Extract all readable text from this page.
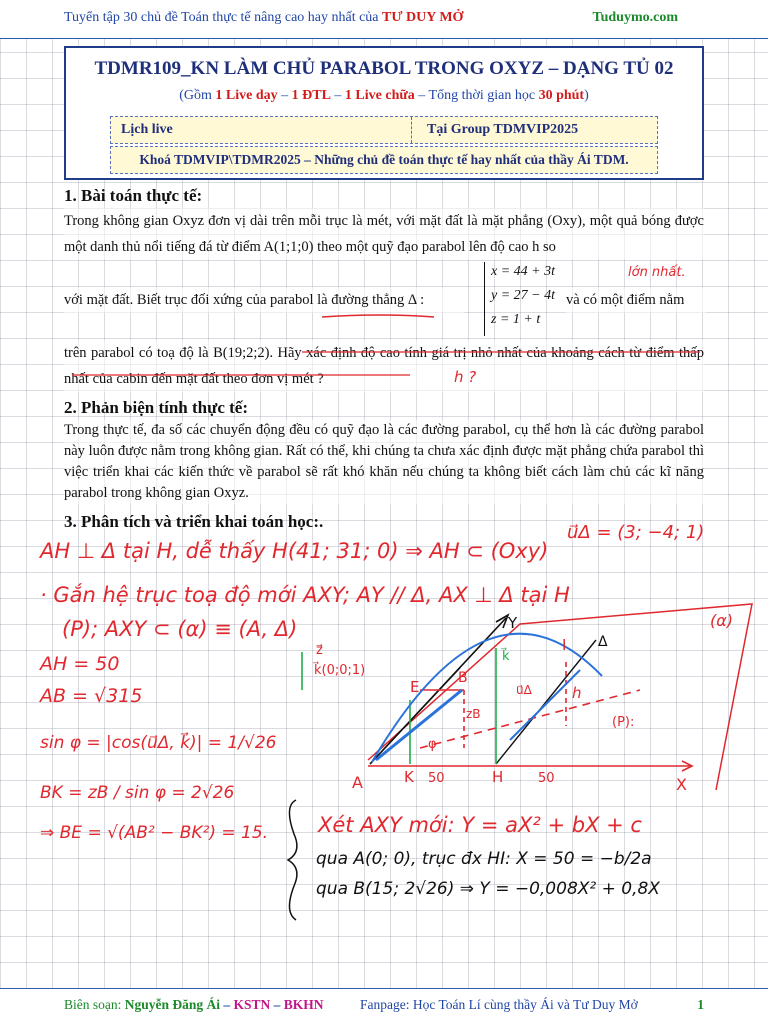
Tuyển tập 30 chủ đề Toán thực tế nâng cao hay nhất của TƯ DUY MỞ	Tuduymo.com
TDMR109_KN LÀM CHỦ PARABOL TRONG OXYZ – DẠNG TỦ 02
(Gồm 1 Live dạy – 1 ĐTL – 1 Live chữa – Tổng thời gian học 30 phút)
Lịch live	Tại Group TDMVIP2025
Khoá TDMVIP\TDMR2025 – Những chủ đề toán thực tế hay nhất của thầy Ái TDM.
1. Bài toán thực tế:
Trong không gian Oxyz đơn vị dài trên mỗi trục là mét, với mặt đất là mặt phẳng (Oxy), một quả bóng được một danh thủ nổi tiếng đá từ điểm A(1;1;0) theo một quỹ đạo parabol lên độ cao h so
với mặt đất. Biết trục đối xứng của parabol là đường thẳng Δ :	và có một điểm nằm
x = 44 + 3t
y = 27 − 4t
z = 1 + t
trên parabol có toạ độ là B(19;2;2). Hãy xác định độ cao tính giá trị nhỏ nhất của khoảng cách từ điểm thấp nhất của cabin đến mặt đất theo đơn vị mét ?
2. Phản biện tính thực tế:
Trong thực tế, đa số các chuyển động đều có quỹ đạo là các đường parabol, cụ thể hơn là các đường parabol này luôn được nằm trong không gian. Rất có thể, khi chúng ta chưa xác định được mặt phẳng chứa parabol thì việc triển khai các kiến thức về parabol sẽ rất khó khăn nếu chúng ta không biết cách làm chủ các kĩ năng parabol trong không gian Oxyz.
3. Phân tích và triển khai toán học:.
lớn nhất.
h ?
u⃗Δ = (3; −4; 1)
AH ⊥ Δ tại H, dễ thấy H(41; 31; 0) ⇒ AH ⊂ (Oxy)
· Gắn hệ trục toạ độ mới AXY; AY // Δ, AX ⊥ Δ tại H
(P); AXY ⊂ (α) ≡ (A, Δ)	(α)
AH = 50
AB = √315
sin φ = |cos(u⃗Δ, k⃗)| = 1/√26
BK = zB / sin φ = 2√26
⇒ BE = √(AB² − BK²) = 15.
Y
X
A	K	H
I Δ
E	B
h
(P):
z⃗
k⃗(0;0;1)
k⃗
u⃗Δ
zB
φ
50	50
Xét AXY mới: Y = aX² + bX + c
qua A(0; 0), trục đx HI: X = 50 = −b/2a
qua B(15; 2√26) ⇒ Y = −0,008X² + 0,8X
Biên soạn: Nguyễn Đăng Ái – KSTN – BKHN	Fanpage: Học Toán Lí cùng thầy Ái và Tư Duy Mở	1
